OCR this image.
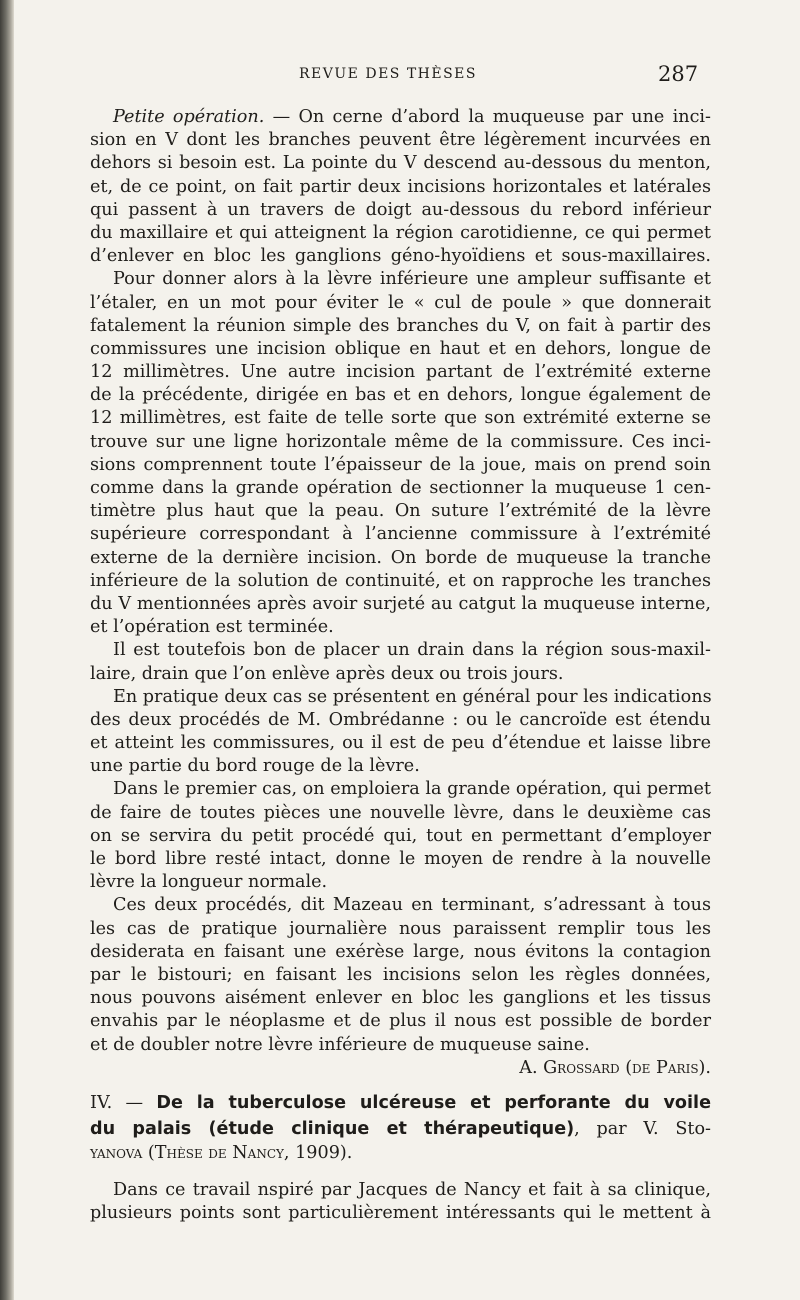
REVUE DES THÈSES	287
Petite opération. — On cerne d’abord la muqueuse par une inci-
sion en V dont les branches peuvent être légèrement incurvées en
dehors si besoin est. La pointe du V descend au-dessous du menton,
et, de ce point, on fait partir deux incisions horizontales et latérales
qui passent à un travers de doigt au-dessous du rebord inférieur
du maxillaire et qui atteignent la région carotidienne, ce qui permet
d’enlever en bloc les ganglions géno-hyoïdiens et sous-maxillaires.
Pour donner alors à la lèvre inférieure une ampleur suffisante et
l’étaler, en un mot pour éviter le « cul de poule » que donnerait
fatalement la réunion simple des branches du V, on fait à partir des
commissures une incision oblique en haut et en dehors, longue de
12 millimètres. Une autre incision partant de l’extrémité externe
de la précédente, dirigée en bas et en dehors, longue également de
12 millimètres, est faite de telle sorte que son extrémité externe se
trouve sur une ligne horizontale même de la commissure. Ces inci-
sions comprennent toute l’épaisseur de la joue, mais on prend soin
comme dans la grande opération de sectionner la muqueuse 1 cen-
timètre plus haut que la peau. On suture l’extrémité de la lèvre
supérieure correspondant à l’ancienne commissure à l’extrémité
externe de la dernière incision. On borde de muqueuse la tranche
inférieure de la solution de continuité, et on rapproche les tranches
du V mentionnées après avoir surjeté au catgut la muqueuse interne,
et l’opération est terminée.
Il est toutefois bon de placer un drain dans la région sous-maxil-
laire, drain que l’on enlève après deux ou trois jours.
En pratique deux cas se présentent en général pour les indications
des deux procédés de M. Ombrédanne : ou le cancroïde est étendu
et atteint les commissures, ou il est de peu d’étendue et laisse libre
une partie du bord rouge de la lèvre.
Dans le premier cas, on emploiera la grande opération, qui permet
de faire de toutes pièces une nouvelle lèvre, dans le deuxième cas
on se servira du petit procédé qui, tout en permettant d’employer
le bord libre resté intact, donne le moyen de rendre à la nouvelle
lèvre la longueur normale.
Ces deux procédés, dit Mazeau en terminant, s’adressant à tous
les cas de pratique journalière nous paraissent remplir tous les
desiderata en faisant une exérèse large, nous évitons la contagion
par le bistouri; en faisant les incisions selon les règles données,
nous pouvons aisément enlever en bloc les ganglions et les tissus
envahis par le néoplasme et de plus il nous est possible de border
et de doubler notre lèvre inférieure de muqueuse saine.
A. Grossard (de Paris).
IV. — De la tuberculose ulcéreuse et perforante du voile
du palais (étude clinique et thérapeutique), par V. Sto-
yanova (Thèse de Nancy, 1909).
Dans ce travail nspiré par Jacques de Nancy et fait à sa clinique,
plusieurs points sont particulièrement intéressants qui le mettent à
